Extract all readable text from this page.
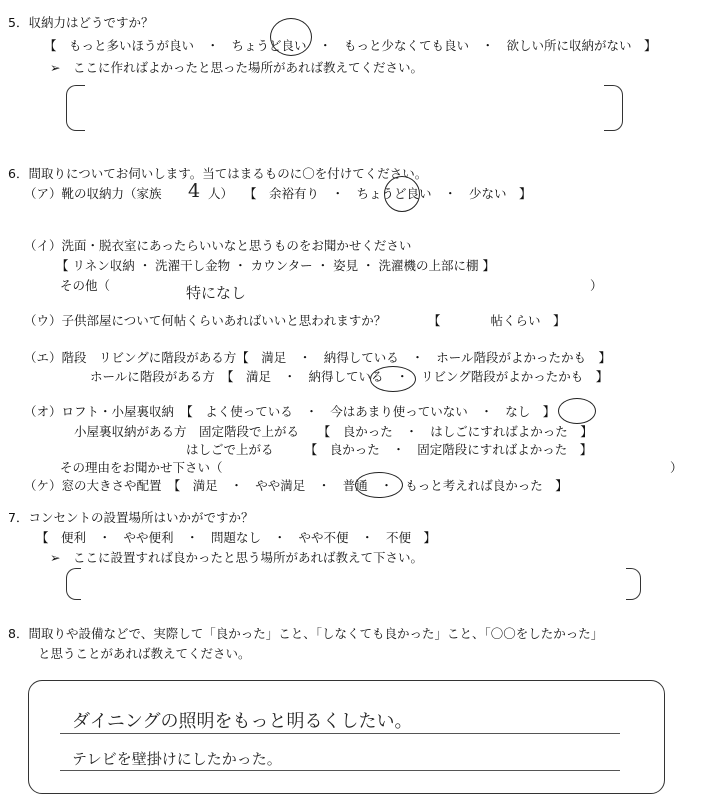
5．収納力はどうですか？
【　もっと多いほうが良い　・　ちょうど良い　・　もっと少なくても良い　・　欲しい所に収納がない　】
➢　ここに作ればよかったと思った場所があれば教えてください。
6．間取りについてお伺いします。当てはまるものに〇を付けてください。
（ア）靴の収納力（家族 4 人） 【　余裕有り　・　ちょうど良い　・　少ない　】
（イ）洗面・脱衣室にあったらいいなと思うものをお聞かせください
【 リネン収納 ・ 洗濯干し金物 ・ カウンター ・ 姿見 ・ 洗濯機の上部に棚 】
その他（	特になし	）
（ウ）子供部屋について何帖くらいあればいいと思われますか？	【　　　　帖くらい　】
（エ）階段　リビングに階段がある方【　満足　・　納得している　・　ホール階段がよかったかも　】
ホールに階段がある方　【　満足　・　納得している　・　リビング階段がよかったかも　】
（オ）ロフト・小屋裏収納　【　よく使っている　・　今はあまり使っていない　・　なし　】
小屋裏収納がある方　固定階段で上がる　　【　良かった　・　はしごにすればよかった　】
はしごで上がる　　　【　良かった　・　固定階段にすればよかった　】
その理由をお聞かせ下さい（	）
（ケ）窓の大きさや配置　【　満足　・　やや満足　・　普通　・　もっと考えれば良かった　】
7．コンセントの設置場所はいかがですか？
【　便利　・　やや便利　・　問題なし　・　やや不便　・　不便　】
➢　ここに設置すれば良かったと思う場所があれば教えて下さい。
8．間取りや設備などで、実際して「良かった」こと、「しなくても良かった」こと、「〇〇をしたかった」
と思うことがあれば教えてください。
ダイニングの照明をもっと明るくしたい。
テレビを壁掛けにしたかった。
